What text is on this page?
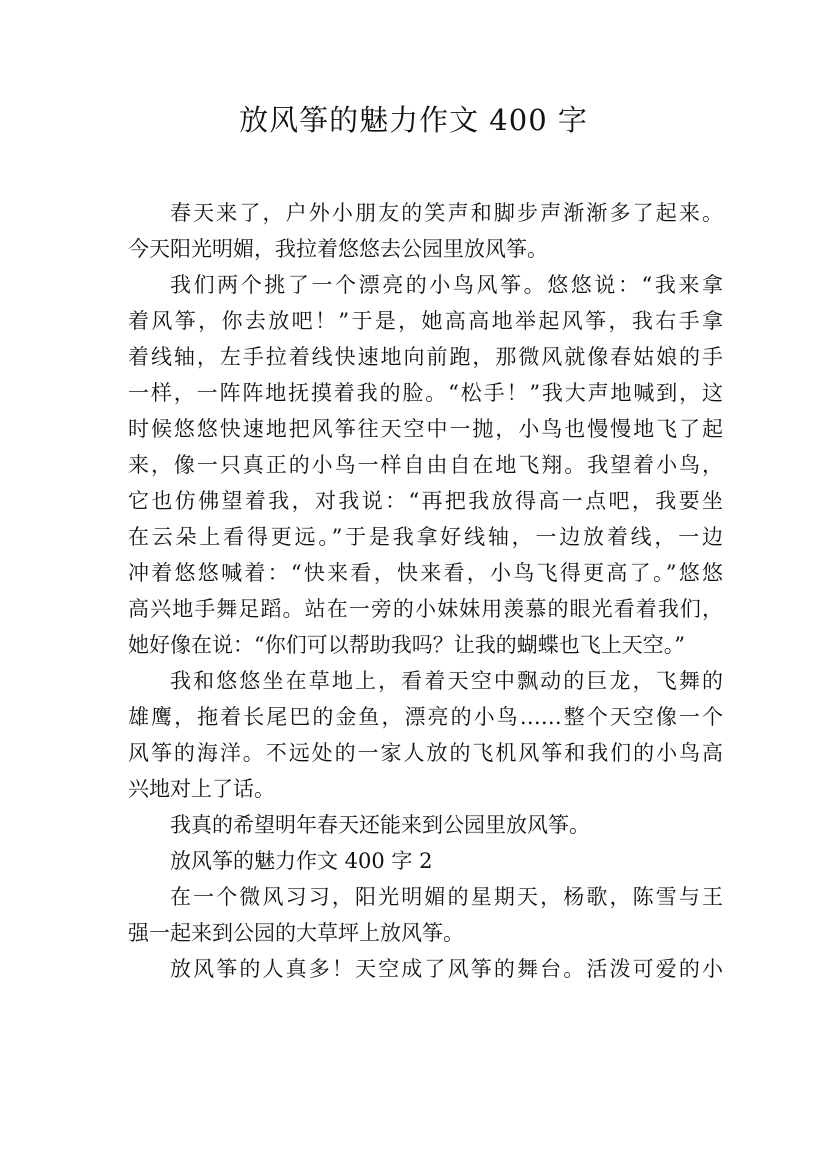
放风筝的魅力作文 400 字
春天来了，户外小朋友的笑声和脚步声渐渐多了起来。
今天阳光明媚，我拉着悠悠去公园里放风筝。
我们两个挑了一个漂亮的小鸟风筝。悠悠说：“我来拿
着风筝，你去放吧！”于是，她高高地举起风筝，我右手拿
着线轴，左手拉着线快速地向前跑，那微风就像春姑娘的手
一样，一阵阵地抚摸着我的脸。“松手！”我大声地喊到，这
时候悠悠快速地把风筝往天空中一抛，小鸟也慢慢地飞了起
来，像一只真正的小鸟一样自由自在地飞翔。我望着小鸟，
它也仿佛望着我，对我说：“再把我放得高一点吧，我要坐
在云朵上看得更远。”于是我拿好线轴，一边放着线，一边
冲着悠悠喊着：“快来看，快来看，小鸟飞得更高了。”悠悠
高兴地手舞足蹈。站在一旁的小妹妹用羡慕的眼光看着我们，
她好像在说：“你们可以帮助我吗？让我的蝴蝶也飞上天空。”
我和悠悠坐在草地上，看着天空中飘动的巨龙，飞舞的
雄鹰，拖着长尾巴的金鱼，漂亮的小鸟……整个天空像一个
风筝的海洋。不远处的一家人放的飞机风筝和我们的小鸟高
兴地对上了话。
我真的希望明年春天还能来到公园里放风筝。
放风筝的魅力作文 400 字 2
在一个微风习习，阳光明媚的星期天，杨歌，陈雪与王
强一起来到公园的大草坪上放风筝。
放风筝的人真多！天空成了风筝的舞台。活泼可爱的小
